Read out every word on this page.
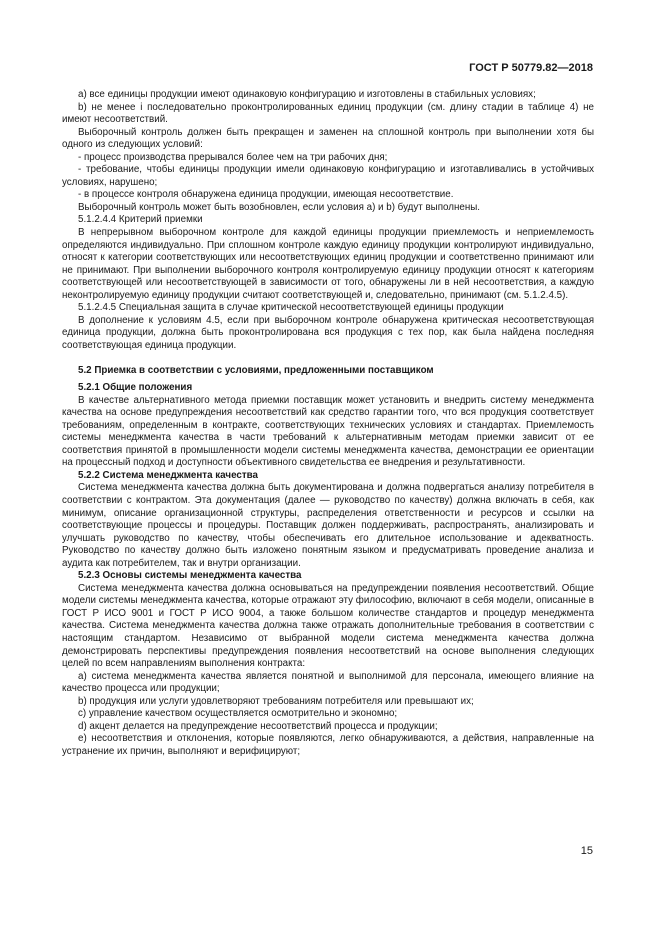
ГОСТ Р 50779.82—2018

а) все единицы продукции имеют одинаковую конфигурацию и изготовлены в стабильных условиях;

b) не менее i последовательно проконтролированных единиц продукции (см. длину стадии в таблице 4) не имеют несоответствий.

Выборочный контроль должен быть прекращен и заменен на сплошной контроль при выполнении хотя бы одного из следующих условий:

- процесс производства прерывался более чем на три рабочих дня;

- требование, чтобы единицы продукции имели одинаковую конфигурацию и изготавливались в устойчивых условиях, нарушено;

- в процессе контроля обнаружена единица продукции, имеющая несоответствие.

Выборочный контроль может быть возобновлен, если условия а) и b) будут выполнены.

5.1.2.4.4 Критерий приемки

В непрерывном выборочном контроле для каждой единицы продукции приемлемость и неприемлемость определяются индивидуально. При сплошном контроле каждую единицу продукции контролируют индивидуально, относят к категории соответствующих или несоответствующих единиц продукции и соответственно принимают или не принимают. При выполнении выборочного контроля контролируемую единицу продукции относят к категориям соответствующей или несоответствующей в зависимости от того, обнаружены ли в ней несоответствия, а каждую неконтролируемую единицу продукции считают соответствующей и, следовательно, принимают (см. 5.1.2.4.5).

5.1.2.4.5 Специальная защита в случае критической несоответствующей единицы продукции

В дополнение к условиям 4.5, если при выборочном контроле обнаружена критическая несоответствующая единица продукции, должна быть проконтролирована вся продукция с тех пор, как была найдена последняя соответствующая единица продукции.

5.2 Приемка в соответствии с условиями, предложенными поставщиком

5.2.1 Общие положения

В качестве альтернативного метода приемки поставщик может установить и внедрить систему менеджмента качества на основе предупреждения несоответствий как средство гарантии того, что вся продукция соответствует требованиям, определенным в контракте, соответствующих технических условиях и стандартах. Приемлемость системы менеджмента качества в части требований к альтернативным методам приемки зависит от ее соответствия принятой в промышленности модели системы менеджмента качества, демонстрации ее ориентации на процессный подход и доступности объективного свидетельства ее внедрения и результативности.

5.2.2 Система менеджмента качества

Система менеджмента качества должна быть документирована и должна подвергаться анализу потребителя в соответствии с контрактом. Эта документация (далее — руководство по качеству) должна включать в себя, как минимум, описание организационной структуры, распределения ответственности и ресурсов и ссылки на соответствующие процессы и процедуры. Поставщик должен поддерживать, распространять, анализировать и улучшать руководство по качеству, чтобы обеспечивать его длительное использование и адекватность. Руководство по качеству должно быть изложено понятным языком и предусматривать проведение анализа и аудита как потребителем, так и внутри организации.

5.2.3 Основы системы менеджмента качества

Система менеджмента качества должна основываться на предупреждении появления несоответствий. Общие модели системы менеджмента качества, которые отражают эту философию, включают в себя модели, описанные в ГОСТ Р ИСО 9001 и ГОСТ Р ИСО 9004, а также большом количестве стандартов и процедур менеджмента качества. Система менеджмента качества должна также отражать дополнительные требования в соответствии с настоящим стандартом. Независимо от выбранной модели система менеджмента качества должна демонстрировать перспективы предупреждения появления несоответствий на основе выполнения следующих целей по всем направлениям выполнения контракта:

а) система менеджмента качества является понятной и выполнимой для персонала, имеющего влияние на качество процесса или продукции;

b) продукция или услуги удовлетворяют требованиям потребителя или превышают их;

с) управление качеством осуществляется осмотрительно и экономно;

d) акцент делается на предупреждение несоответствий процесса и продукции;

е) несоответствия и отклонения, которые появляются, легко обнаруживаются, а действия, направленные на устранение их причин, выполняют и верифицируют;

15
